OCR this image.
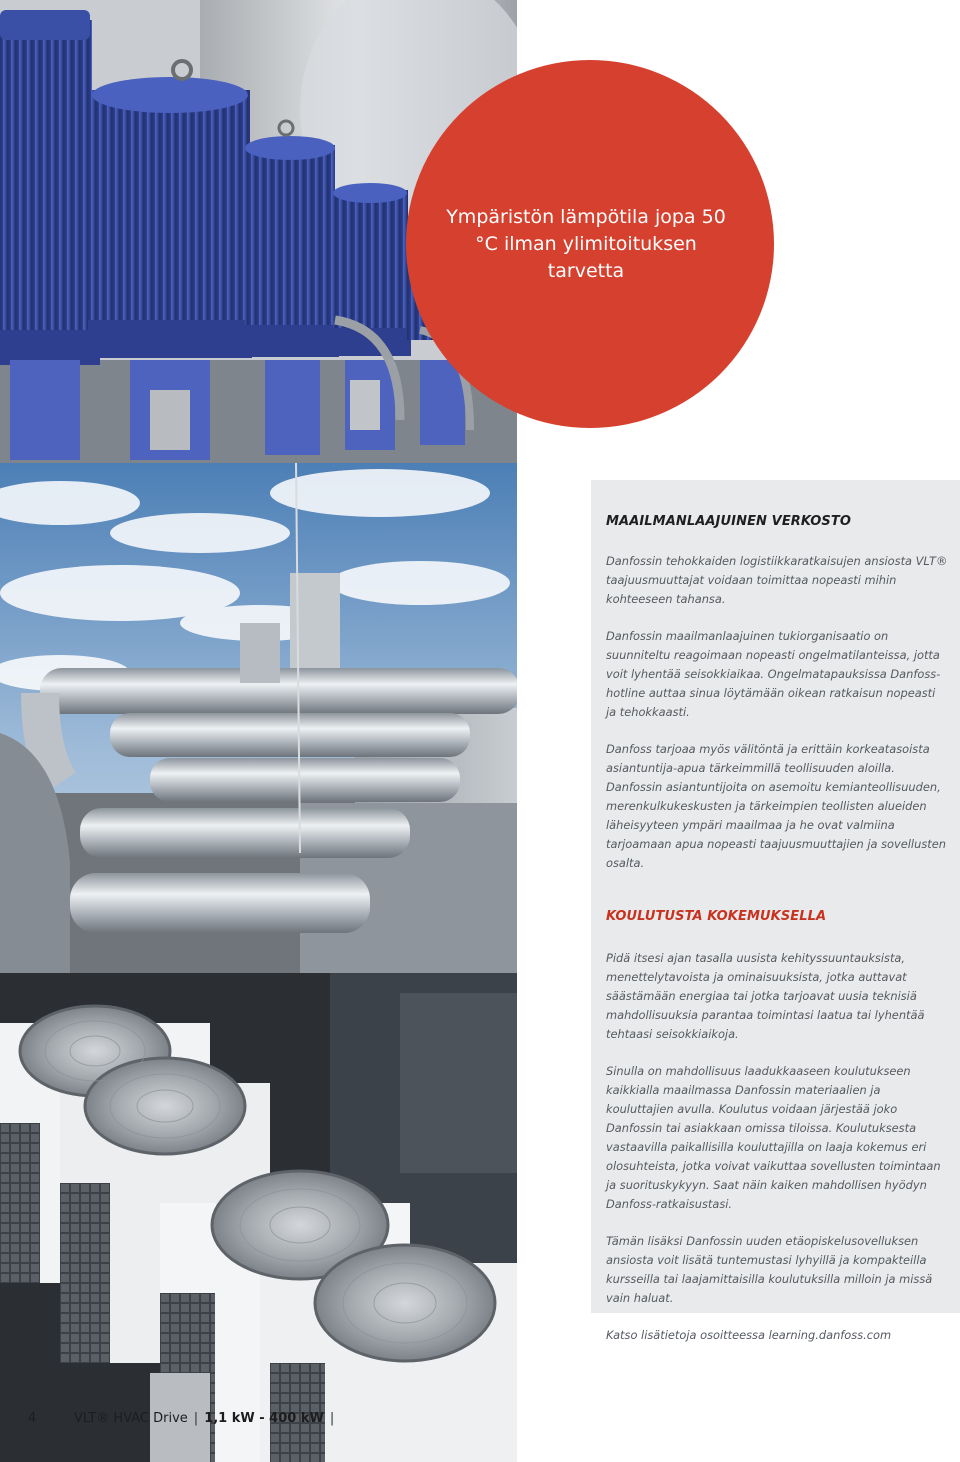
Ympäristön lämpötila jopa 50 °C ilman ylimitoituksen tarvetta
MAAILMANLAAJUINEN VERKOSTO

Danfossin tehokkaiden logistiikkaratkaisujen ansiosta VLT® taajuusmuuttajat voidaan toimittaa nopeasti mihin kohteeseen tahansa.

Danfossin maailmanlaajuinen tukiorganisaatio on suunniteltu reagoimaan nopeasti ongelmatilanteissa, jotta voit lyhentää seisokkiaikaa. Ongelmatapauksissa Danfoss-hotline auttaa sinua löytämään oikean ratkaisun nopeasti ja tehokkaasti.

Danfoss tarjoaa myös välitöntä ja erittäin korkeatasoista asiantuntija-apua tärkeimmillä teollisuuden aloilla. Danfossin asiantuntijoita on asemoitu kemianteollisuuden, merenkulkukeskusten ja tärkeimpien teollisten alueiden läheisyyteen ympäri maailmaa ja he ovat valmiina tarjoamaan apua nopeasti taajuusmuuttajien ja sovellusten osalta.

KOULUTUSTA KOKEMUKSELLA

Pidä itsesi ajan tasalla uusista kehityssuuntauksista, menettelytavoista ja ominaisuuksista, jotka auttavat säästämään energiaa tai jotka tarjoavat uusia teknisiä mahdollisuuksia parantaa toimintasi laatua tai lyhentää tehtaasi seisokkiaikoja.

Sinulla on mahdollisuus laadukkaaseen koulutukseen kaikkialla maailmassa Danfossin materiaalien ja kouluttajien avulla. Koulutus voidaan järjestää joko Danfossin tai asiakkaan omissa tiloissa. Koulutuksesta vastaavilla paikallisilla kouluttajilla on laaja kokemus eri olosuhteista, jotka voivat vaikuttaa sovellusten toimintaan ja suorituskykyyn. Saat näin kaiken mahdollisen hyödyn Danfoss-ratkaisustasi.

Tämän lisäksi Danfossin uuden etäopiskelusovelluksen ansiosta voit lisätä tuntemustasi lyhyillä ja kompakteilla kursseilla tai laajamittaisilla koulutuksilla milloin ja missä vain haluat.

Katso lisätietoja osoitteessa learning.danfoss.com

4	VLT® HVAC Drive | 1,1 kW - 400 kW |
